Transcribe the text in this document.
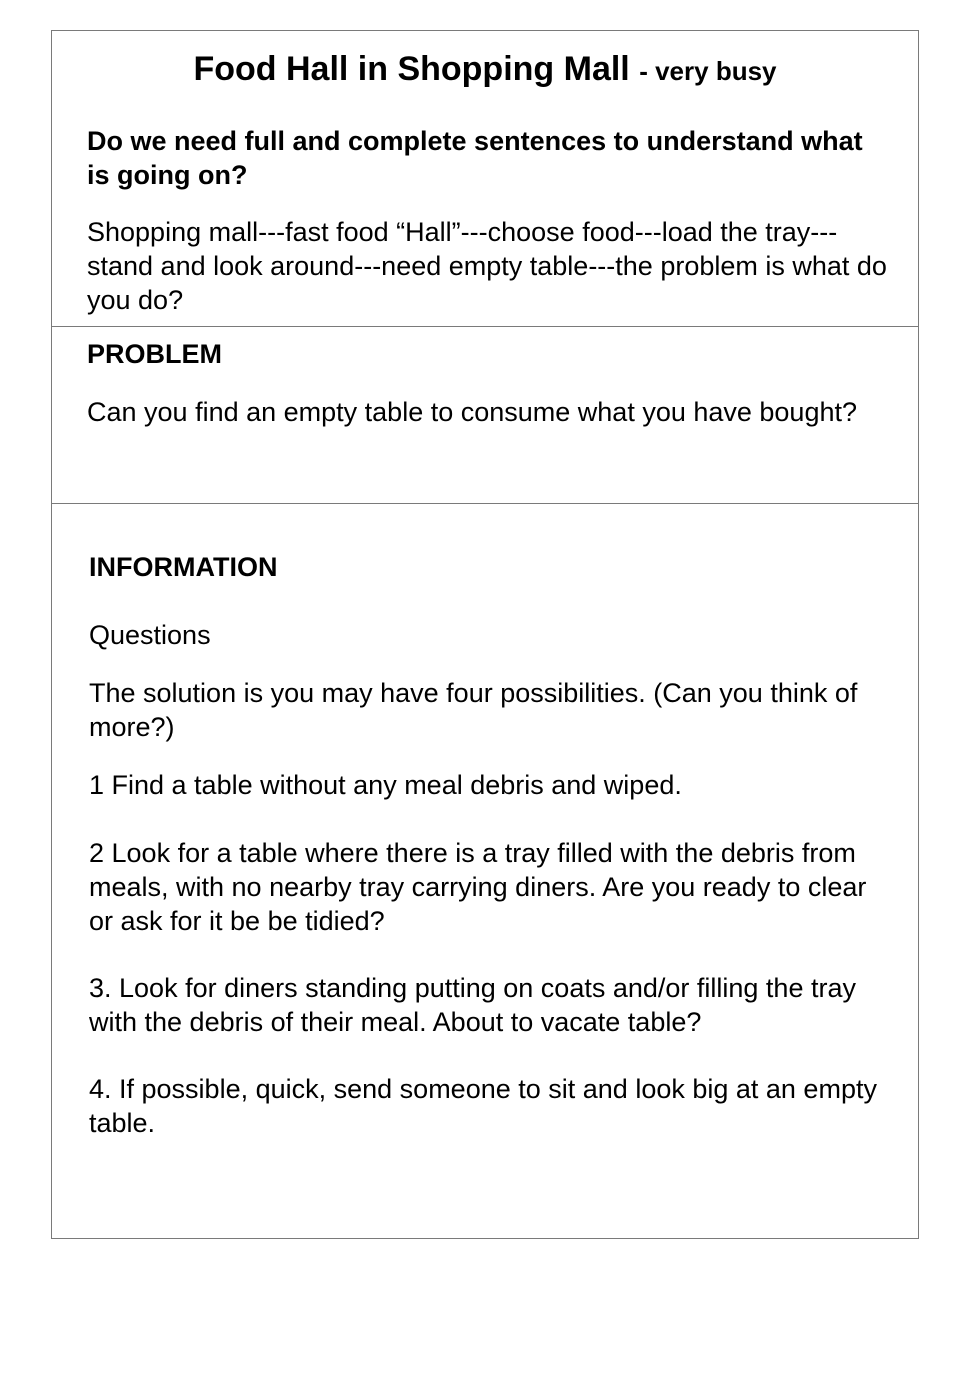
Food Hall in Shopping Mall - very busy

Do we need full and complete sentences to understand what is going on?

Shopping mall---fast food “Hall”---choose food---load the tray---stand and look around---need empty table---the problem is what do you do?

PROBLEM

Can you find an empty table to consume what you have bought?

INFORMATION

Questions

The solution is you may have four possibilities. (Can you think of more?)

1 Find a table without any meal debris and wiped.

2 Look for a table where there is a tray filled with the debris from meals, with no nearby tray carrying diners. Are you ready to clear or ask for it be be tidied?

3. Look for diners standing putting on coats and/or filling the tray with the debris of their meal. About to vacate table?

4. If possible, quick, send someone to sit and look big at an empty table.
